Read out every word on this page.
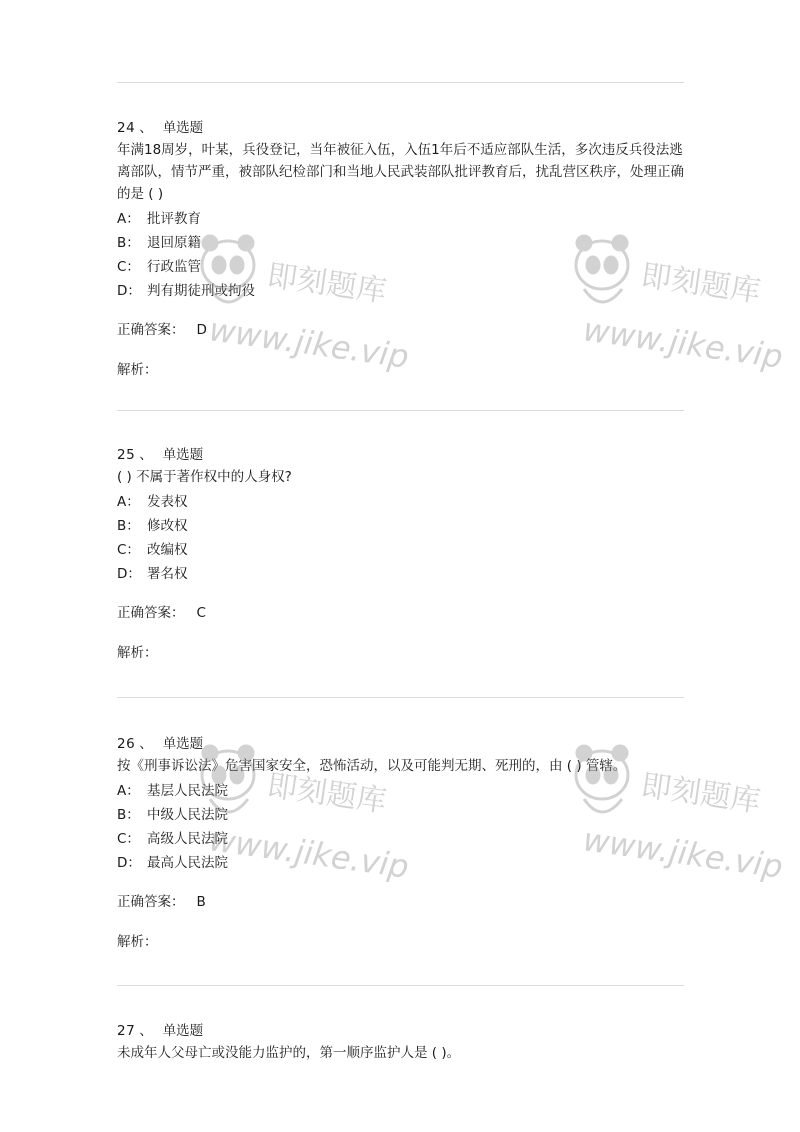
24 、 单选题

年满18周岁，叶某，兵役登记，当年被征入伍，入伍1年后不适应部队生活，多次违反兵役法逃离部队，情节严重，被部队纪检部门和当地人民武装部队批评教育后，扰乱营区秩序，处理正确的是 ( )

A： 批评教育
B： 退回原籍
C： 行政监管
D： 判有期徒刑或拘役
正确答案： D
解析：
25 、 单选题

( ) 不属于著作权中的人身权?

A： 发表权
B： 修改权
C： 改编权
D： 署名权
正确答案： C
解析：
26 、 单选题

按《刑事诉讼法》危害国家安全，恐怖活动，以及可能判无期、死刑的，由 ( ) 管辖。

A： 基层人民法院
B： 中级人民法院
C： 高级人民法院
D： 最高人民法院
正确答案： B
解析：
27 、 单选题

未成年人父母亡或没能力监护的，第一顺序监护人是 ( )。

即刻题库
www.jike.vip
即刻题库
www.jike.vip
即刻题库
www.jike.vip
即刻题库
www.jike.vip
